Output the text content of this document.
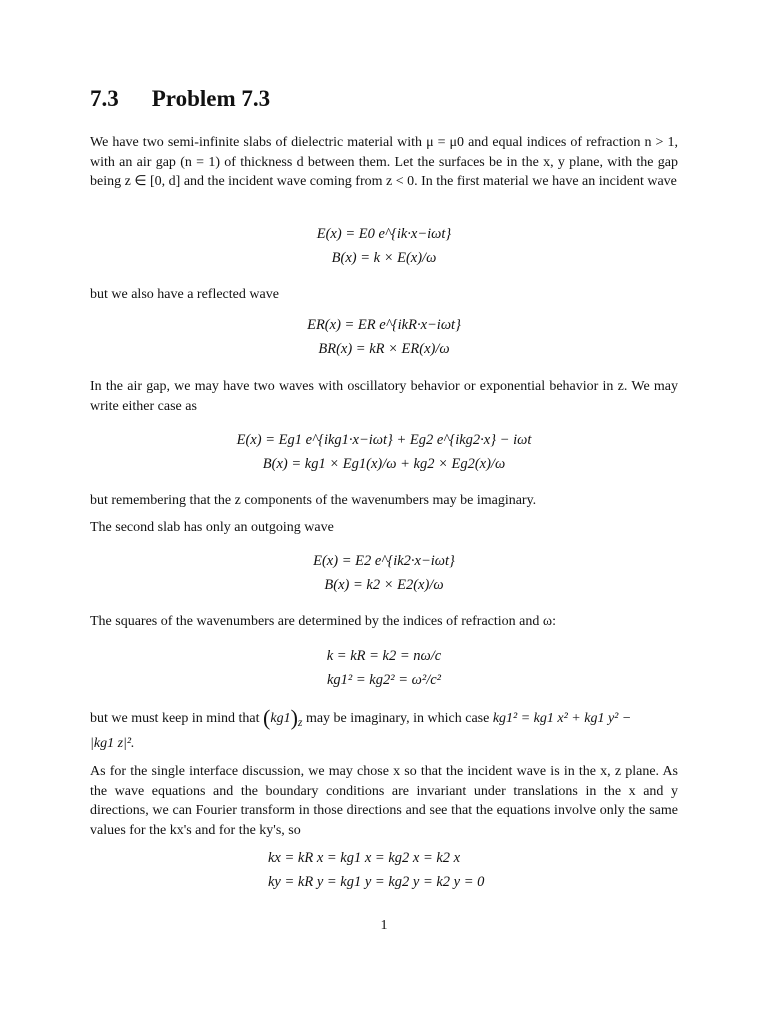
7.3 Problem 7.3

We have two semi-infinite slabs of dielectric material with μ = μ0 and equal indices of refraction n > 1, with an air gap (n = 1) of thickness d between them. Let the surfaces be in the x, y plane, with the gap being z ∈ [0, d] and the incident wave coming from z < 0. In the first material we have an incident wave

E(x) = E0 e^{ik·x−iωt}
B(x) = k × E(x)/ω

but we also have a reflected wave

ER(x) = ER e^{ikR·x−iωt}
BR(x) = kR × ER(x)/ω

In the air gap, we may have two waves with oscillatory behavior or exponential behavior in z. We may write either case as

E(x) = Eg1 e^{ikg1·x−iωt} + Eg2 e^{ikg2·x} − iωt
B(x) = kg1 × Eg1(x)/ω + kg2 × Eg2(x)/ω

but remembering that the z components of the wavenumbers may be imaginary.

The second slab has only an outgoing wave

E(x) = E2 e^{ik2·x−iωt}
B(x) = k2 × E2(x)/ω

The squares of the wavenumbers are determined by the indices of refraction and ω:

k = kR = k2 = nω/c
kg1² = kg2² = ω²/c²
but we must keep in mind that $(kg1)_z$ may be imaginary, in which case kg1² = kg1 x² + kg1 y² −
|kg1 z|².

As for the single interface discussion, we may chose x so that the incident wave is in the x, z plane. As the wave equations and the boundary conditions are invariant under translations in the x and y directions, we can Fourier transform in those directions and see that the equations involve only the same values for the kx's and for the ky's, so

kx = kR x = kg1 x = kg2 x = k2 x
ky = kR y = kg1 y = kg2 y = k2 y = 0
1
